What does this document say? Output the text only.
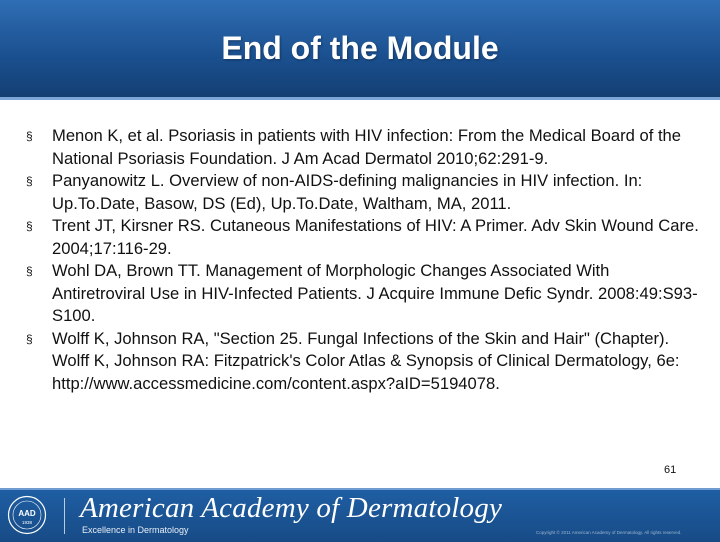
End of the Module
§ Menon K, et al. Psoriasis in patients with HIV infection: From the Medical Board of the National Psoriasis Foundation. J Am Acad Dermatol 2010;62:291-9.
§ Panyanowitz L. Overview of non-AIDS-defining malignancies in HIV infection. In: Up.To.Date, Basow, DS (Ed), Up.To.Date, Waltham, MA, 2011.
§ Trent JT, Kirsner RS. Cutaneous Manifestations of HIV: A Primer. Adv Skin Wound Care. 2004;17:116-29.
§ Wohl DA, Brown TT. Management of Morphologic Changes Associated With Antiretroviral Use in HIV-Infected Patients. J Acquire Immune Defic Syndr. 2008:49:S93-S100.
§ Wolff K, Johnson RA, "Section 25. Fungal Infections of the Skin and Hair" (Chapter). Wolff K, Johnson RA: Fitzpatrick's Color Atlas & Synopsis of Clinical Dermatology, 6e: http://www.accessmedicine.com/content.aspx?aID=5194078.
61
AAD
1938 American Academy of Dermatology
Excellence in Dermatology	Copyright © 2011 American Academy of Dermatology. All rights reserved.
